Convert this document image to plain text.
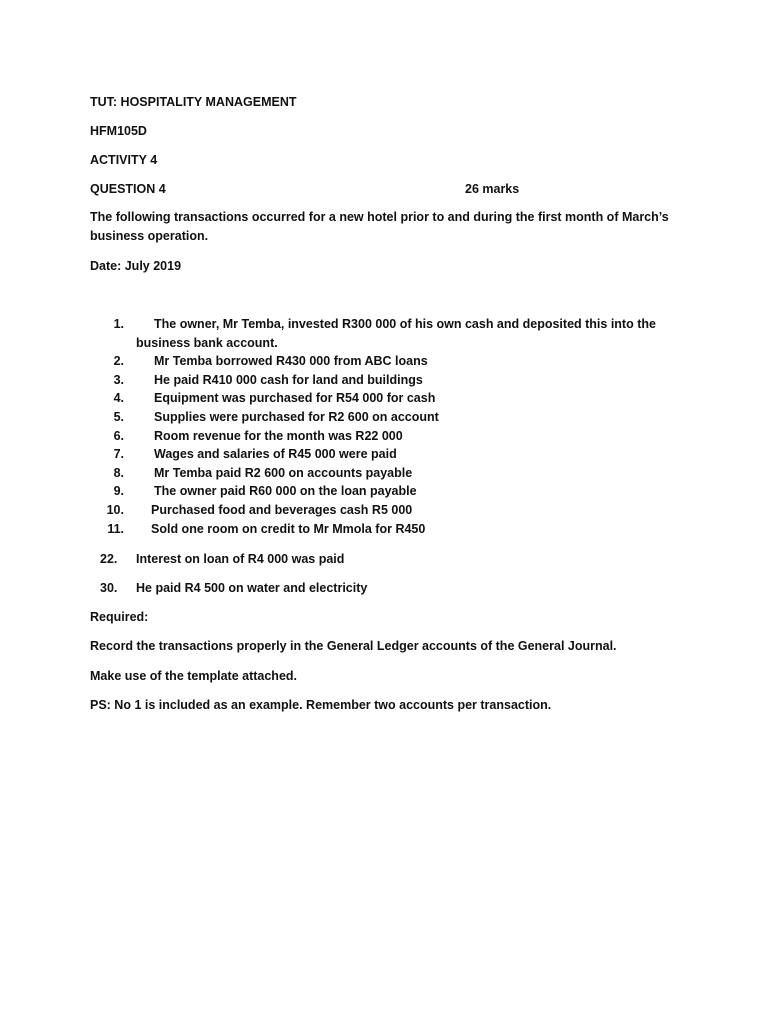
TUT: HOSPITALITY MANAGEMENT
HFM105D
ACTIVITY 4
QUESTION 4	26 marks
The following transactions occurred for a new hotel prior to and during the first month of March’s business operation.
Date: July 2019
1. The owner, Mr Temba, invested R300 000 of his own cash and deposited this into the
business bank account.
2. Mr Temba borrowed R430 000 from ABC loans
3. He paid R410 000 cash for land and buildings
4. Equipment was purchased for R54 000 for cash
5. Supplies were purchased for R2 600 on account
6. Room revenue for the month was R22 000
7. Wages and salaries of R45 000 were paid
8. Mr Temba paid R2 600 on accounts payable
9. The owner paid R60 000 on the loan payable
10. Purchased food and beverages cash R5 000
11. Sold one room on credit to Mr Mmola for R450
22. Interest on loan of R4 000 was paid
30. He paid R4 500 on water and electricity
Required:
Record the transactions properly in the General Ledger accounts of the General Journal.
Make use of the template attached.
PS: No 1 is included as an example. Remember two accounts per transaction.
